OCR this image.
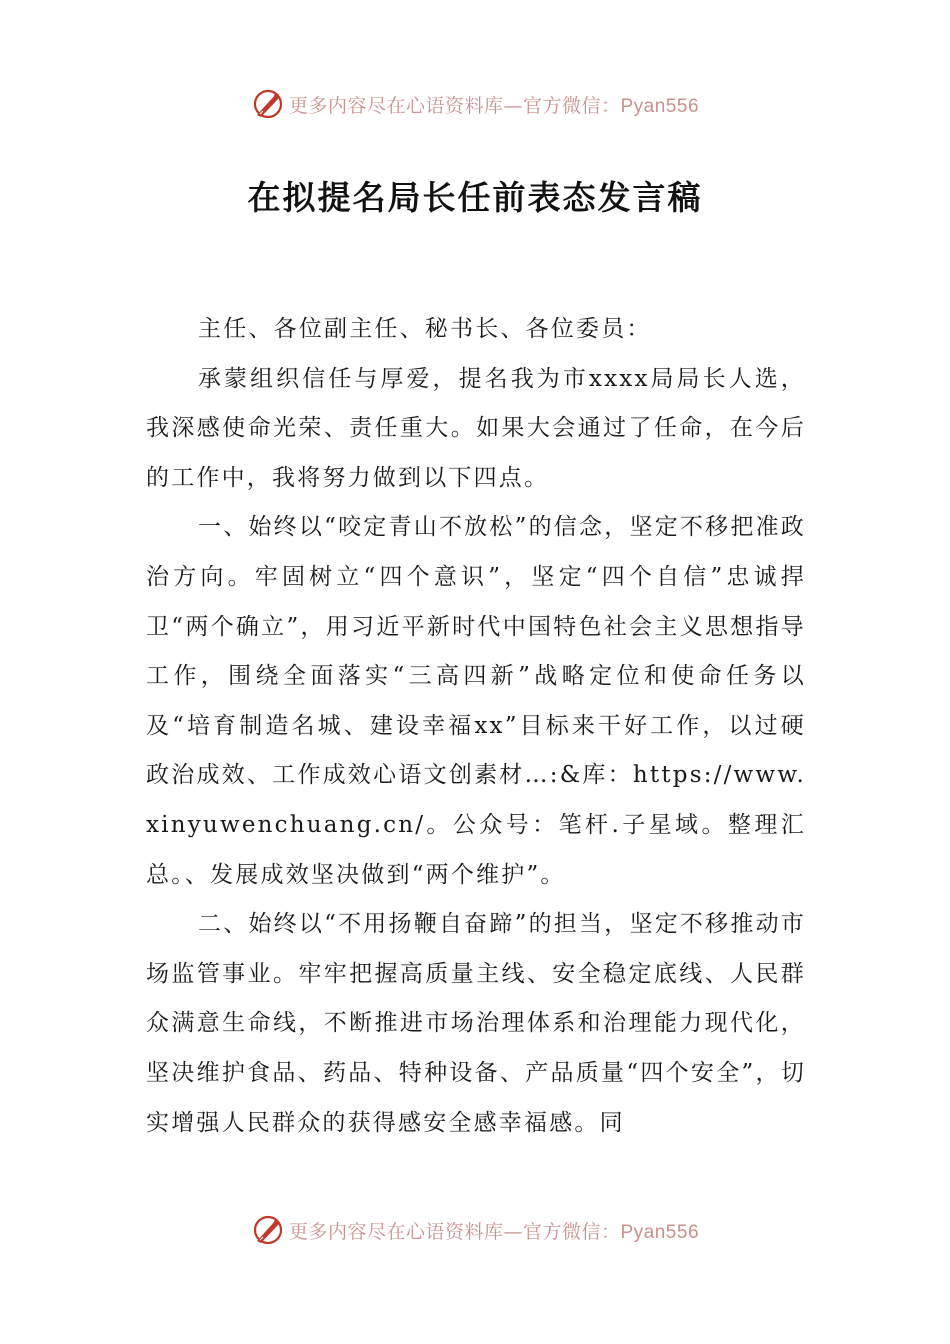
更多内容尽在心语资料库—官方微信：Pyan556
在拟提名局长任前表态发言稿

主任、各位副主任、秘书长、各位委员：

承蒙组织信任与厚爱，提名我为市xxxx局局长人选，我深感使命光荣、责任重大。如果大会通过了任命，在今后的工作中，我将努力做到以下四点。

一、始终以“咬定青山不放松”的信念，坚定不移把准政治方向。牢固树立“四个意识”，坚定“四个自信”忠诚捍卫“两个确立”，用习近平新时代中国特色社会主义思想指导工作，围绕全面落实“三高四新”战略定位和使命任务以及“培育制造名城、建设幸福xx”目标来干好工作，以过硬政治成效、工作成效心语文创素材…:&库：https://www.xinyuwenchuang.cn/。公众号：笔杆.子星域。整理汇总。、发展成效坚决做到“两个维护”。

二、始终以“不用扬鞭自奋蹄”的担当，坚定不移推动市场监管事业。牢牢把握高质量主线、安全稳定底线、人民群众满意生命线，不断推进市场治理体系和治理能力现代化，坚决维护食品、药品、特种设备、产品质量“四个安全”，切实增强人民群众的获得感安全感幸福感。同

更多内容尽在心语资料库—官方微信：Pyan556
